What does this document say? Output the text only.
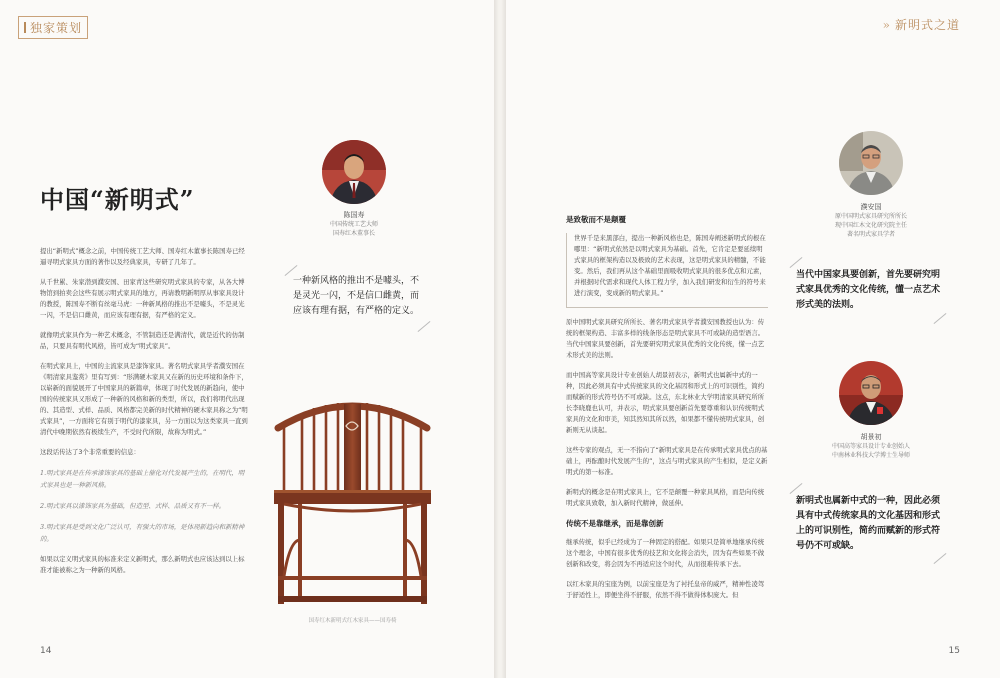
独家策划
中国“新明式”
陈国寿
中国传统工艺大师
国寿红木董事长
一种新风格的推出不是噱头，不是灵光一闪，不是信口雌黄，而应该有理有据，有严格的定义。

提出“新明式”概念之前，中国传统工艺大师、国寿红木董事长陈国寿已经逼寻明式家具方面的著作以及经典家具，专研了几年了。

从千世累、朱家潜到濮安国、田家青这些研究明式家具的专家，从各大博物馆到拍卖会这些有展示明式家具的地方，再请教明新明厚从事家具设计的教授，陈国寿不断有丝毫马虎：一种新风格的推出不是噱头，不是灵光一闪，不是信口雌黄，而应该有理有据，有严格的定义。

就像明式家具作为一种艺术概念，不管制造还是满清代，就是近代的仿制品，只要具有明代风格，皆可成为“明式家具”。

在明式家具上，中国的主流家具是漆饰家具。著名明式家具学者濮安国在《明清家具鉴赏》里有写到：“形满硬木家具又在新的历史环境和条件下，以崭新的面貌展开了中国家具的新篇章，体现了时代发展的新趋向，使中国的传统家具又形成了一种新的风格和新的类型，所以，我们将明代出现的、其造型、式样、品质、风格都完美新的时代精神的硬木家具称之为“明式家具”，一方面将它有别于明代的漆家具，另一方面以为这类家具一直到清代中晚期依然有极续生产，不受时代所限，故称为明式。”

这段话传达了3个非常重要的信息：

1.明式家具是在传承漆饰家具的基础上催化对代发展产生的，在明代，明式家具也是一种新风格。

2.明式家具以漆饰家具为基础，但造型、式样、品质又有不一样。

3.明式家具是受到文化广泛认可，有强大的市场，是体现新趋向和新精神的。

如果以定义明式家具的标准来定义新明式，那么新明式也应该达到以上标准才能被称之为一种新的风格。

国寿红木新明式红木家具——国寿椅
14
» 新明式之道
是致敬而不是颠覆

世界千是来黑部白，提出一种新风格也是，陈国寿阐述新明式的根在哪里：“新明式依然是以明式家具为基础。首先，它肯定是要延续明式家具的框架构造以及极致的艺术表现，这是明式家具的精髓，不能变。然后，我们再从这个基础里面吸收明式家具的很多优点和元素，并根据时代需求和现代人体工程力学，加入我们研发和衍生的符号来进行演变，变成新的明式家具。”

原中国明式家具研究所所长、著名明式家具学者濮安国教授也认为：传统的框架构造、丰富多样的线条形态是明式家具不可或缺的造型语言。当代中国家具要创新，首先要研究明式家具优秀的文化传统，懂一点艺术形式美的法则。

而中国高等家具设计专业创始人胡景初表示，新明式也属新中式的一种，因此必须具有中式传统家具的文化基因和形式上的可识别性，简约而赋新的形式符号仍不可或缺。这点，东北林业大学明清家具研究所所长李晓鹿也认可，并表示，明式家具要创新首先要尊重和认识传统明式家具的文化和审美，知其然知其所以然，如果都不懂传统明式家具，创新则无从谈起。

这些专家的观点，无一不指向了“新明式家具是在传承明式家具优点的基础上，再酝酿时代发展产生的”，这点与明式家具的产生相似，是定义新明式的第一标准。

新明式的概念是在明式家具上，它不是颠覆一种家具风格，而是向传统明式家具致敬，加入新时代精神，做延伸。

传统不是靠继承，而是靠创新

继承传统，似乎已经成为了一种固定的搭配。如果只是简单地继承传统这个理念，中国有很多优秀的技艺和文化将会消失，因为有些如果不做创新和改变，将会因为不再适应这个时代，从而很难传承下去。

以红木家具的宝座为例，以前宝座是为了衬托皇帝的威严，精神性凌驾于舒适性上，即便坐得不舒服，依然不得不做得体积庞大。但

濮安国
原中国明式家具研究所所长
现中国红木文化研究院主任
著名明式家具学者
当代中国家具要创新，首先要研究明式家具优秀的文化传统，懂一点艺术形式美的法则。
胡景初
中国高等家具设计专业创始人
中南林业科技大学博士生导师
新明式也属新中式的一种，因此必须具有中式传统家具的文化基因和形式上的可识别性，简约而赋新的形式符号仍不可或缺。
15
